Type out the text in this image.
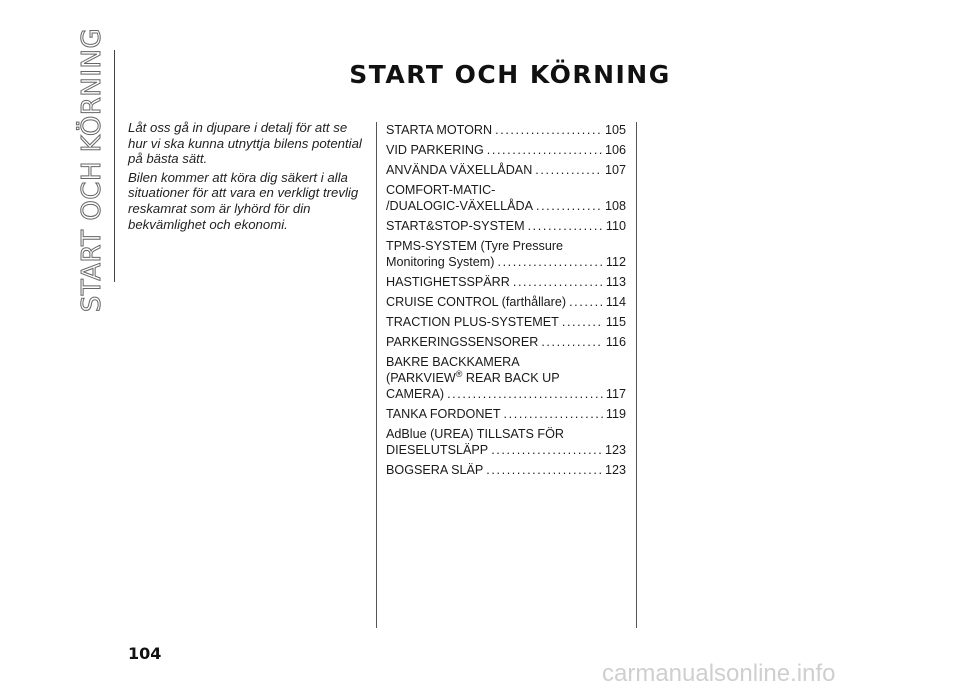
START OCH KÖRNING	START OCH KÖRNING

Låt oss gå in djupare i detalj för att se hur vi ska kunna utnyttja bilens potential på bästa sätt.

Bilen kommer att köra dig säkert i alla situationer för att vara en verkligt trevlig reskamrat som är lyhörd för din bekvämlighet och ekonomi.

STARTA MOTORN .....	105
VID PARKERING .....	106
ANVÄNDA VÄXELLÅDAN .....	107
COMFORT-MATIC-
/DUALOGIC-VÄXELLÅDA .....	108
START&STOP-SYSTEM .....	110
TPMS-SYSTEM (Tyre Pressure
Monitoring System) .....	112
HASTIGHETSSPÄRR .....	113
CRUISE CONTROL (farthållare) .....	114
TRACTION PLUS-SYSTEMET .....	115
PARKERINGSSENSORER .....	116
BAKRE BACKKAMERA
(PARKVIEW® REAR BACK UP
CAMERA) .....	117
TANKA FORDONET .....	119
AdBlue (UREA) TILLSATS FÖR
DIESELUTSLÄPP .....	123
BOGSERA SLÄP .....	123
104
carmanualsonline.info
